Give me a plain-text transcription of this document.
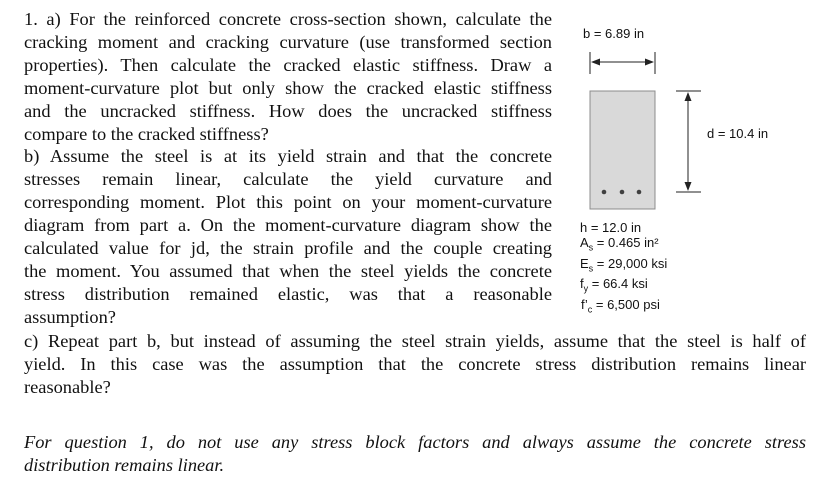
1. a) For the reinforced concrete cross-section shown, calculate the
cracking moment and cracking curvature (use transformed section
properties). Then calculate the cracked elastic stiffness. Draw a
moment-curvature plot but only show the cracked elastic stiffness
and the uncracked stiffness. How does the uncracked stiffness
compare to the cracked stiffness?
b) Assume the steel is at its yield strain and that the concrete
stresses remain linear, calculate the yield curvature and
corresponding moment. Plot this point on your moment-curvature
diagram from part a. On the moment-curvature diagram show the
calculated value for jd, the strain profile and the couple creating
the moment. You assumed that when the steel yields the concrete
stress distribution remained elastic, was that a reasonable
assumption?
c) Repeat part b, but instead of assuming the steel strain yields, assume that the steel is half of
yield. In this case was the assumption that the concrete stress distribution remains linear
reasonable?
For question 1, do not use any stress block factors and always assume the concrete stress
distribution remains linear.
b = 6.89 in
d = 10.4 in
h = 12.0 in
$A_s = 0.465$ in²
$E_s = 29,000$ ksi
$f_y = 66.4$ ksi
$f’_c = 6,500$ psi
